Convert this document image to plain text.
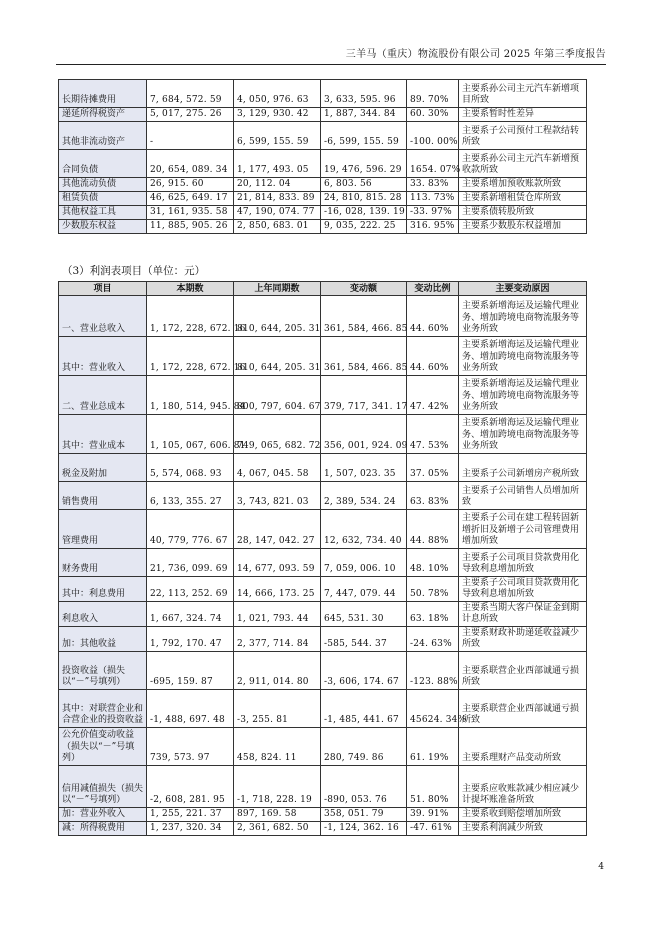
三羊马（重庆）物流股份有限公司 2025 年第三季度报告
长期待摊费用	7, 684, 572. 59	4, 050, 976. 63	3, 633, 595. 96	89. 70%	主要系孙公司主元汽车新增项目所致
递延所得税资产	5, 017, 275. 26	3, 129, 930. 42	1, 887, 344. 84	60. 30%	主要系暂时性差异
其他非流动资产	-	6, 599, 155. 59	-6, 599, 155. 59	-100. 00%	主要系子公司预付工程款结转所致
合同负债	20, 654, 089. 34	1, 177, 493. 05	19, 476, 596. 29	1654. 07%	主要系孙公司主元汽车新增预收款所致
其他流动负债	26, 915. 60	20, 112. 04	6, 803. 56	33. 83%	主要系增加预收账款所致
租赁负债	46, 625, 649. 17	21, 814, 833. 89	24, 810, 815. 28	113. 73%	主要系新增租赁仓库所致
其他权益工具	31, 161, 935. 58	47, 190, 074. 77	-16, 028, 139. 19	-33. 97%	主要系债转股所致
少数股东权益	11, 885, 905. 26	2, 850, 683. 01	9, 035, 222. 25	316. 95%	主要系少数股东权益增加
（3）利润表项目（单位：元）
项目	本期数	上年同期数	变动额	变动比例	主要变动原因
一、营业总收入	1, 172, 228, 672. 16	810, 644, 205. 31	361, 584, 466. 85	44. 60%	主要系新增海运及运输代理业务、增加跨境电商物流服务等业务所致
其中：营业收入	1, 172, 228, 672. 16	810, 644, 205. 31	361, 584, 466. 85	44. 60%	主要系新增海运及运输代理业务、增加跨境电商物流服务等业务所致
二、营业总成本	1, 180, 514, 945. 84	800, 797, 604. 67	379, 717, 341. 17	47. 42%	主要系新增海运及运输代理业务、增加跨境电商物流服务等业务所致
其中：营业成本	1, 105, 067, 606. 81	749, 065, 682. 72	356, 001, 924. 09	47. 53%	主要系新增海运及运输代理业务、增加跨境电商物流服务等业务所致
税金及附加	5, 574, 068. 93	4, 067, 045. 58	1, 507, 023. 35	37. 05%	主要系子公司新增房产税所致
销售费用	6, 133, 355. 27	3, 743, 821. 03	2, 389, 534. 24	63. 83%	主要系子公司销售人员增加所致
管理费用	40, 779, 776. 67	28, 147, 042. 27	12, 632, 734. 40	44. 88%	主要系子公司在建工程转固新增折旧及新增子公司管理费用增加所致
财务费用	21, 736, 099. 69	14, 677, 093. 59	7, 059, 006. 10	48. 10%	主要系子公司项目贷款费用化导致利息增加所致
其中：利息费用	22, 113, 252. 69	14, 666, 173. 25	7, 447, 079. 44	50. 78%	主要系子公司项目贷款费用化导致利息增加所致
利息收入	1, 667, 324. 74	1, 021, 793. 44	645, 531. 30	63. 18%	主要系当期大客户保证金到期计息所致
加：其他收益	1, 792, 170. 47	2, 377, 714. 84	-585, 544. 37	-24. 63%	主要系财政补助递延收益减少所致
投资收益（损失以“－”号填列）	-695, 159. 87	2, 911, 014. 80	-3, 606, 174. 67	-123. 88%	主要系联营企业西部诚通亏损所致
其中：对联营企业和合营企业的投资收益	-1, 488, 697. 48	-3, 255. 81	-1, 485, 441. 67	45624. 34%	主要系联营企业西部诚通亏损所致
公允价值变动收益（损失以“－”号填列）	739, 573. 97	458, 824. 11	280, 749. 86	61. 19%	主要系理财产品变动所致
信用减值损失（损失以“－”号填列）	-2, 608, 281. 95	-1, 718, 228. 19	-890, 053. 76	51. 80%	主要系应收账款减少相应减少计提坏账准备所致
加：营业外收入	1, 255, 221. 37	897, 169. 58	358, 051. 79	39. 91%	主要系收到赔偿增加所致
减：所得税费用	1, 237, 320. 34	2, 361, 682. 50	-1, 124, 362. 16	-47. 61%	主要系利润减少所致
4
